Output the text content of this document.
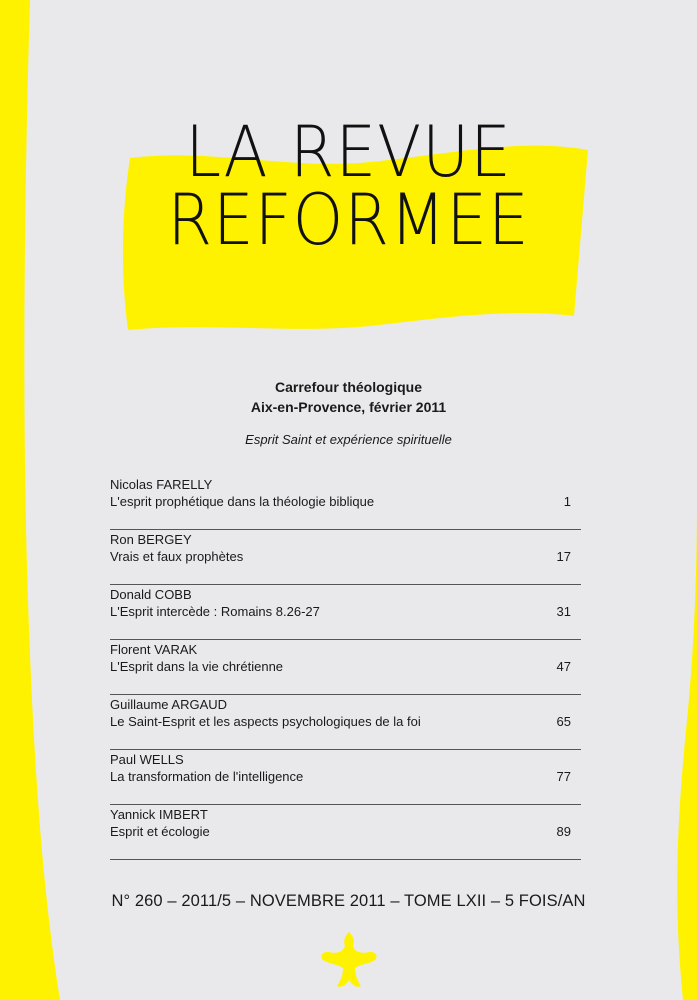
LA REVUE
REFORMEE
Carrefour théologique
Aix-en-Provence, février 2011
Esprit Saint et expérience spirituelle
Nicolas FARELLY
L'esprit prophétique dans la théologie biblique	1
Ron BERGEY
Vrais et faux prophètes	17
Donald COBB
L'Esprit intercède : Romains 8.26-27	31
Florent VARAK
L'Esprit dans la vie chrétienne	47
Guillaume ARGAUD
Le Saint-Esprit et les aspects psychologiques de la foi	65
Paul WELLS
La transformation de l'intelligence	77
Yannick IMBERT
Esprit et écologie	89
N° 260 – 2011/5 – NOVEMBRE 2011 – TOME LXII – 5 FOIS/AN
